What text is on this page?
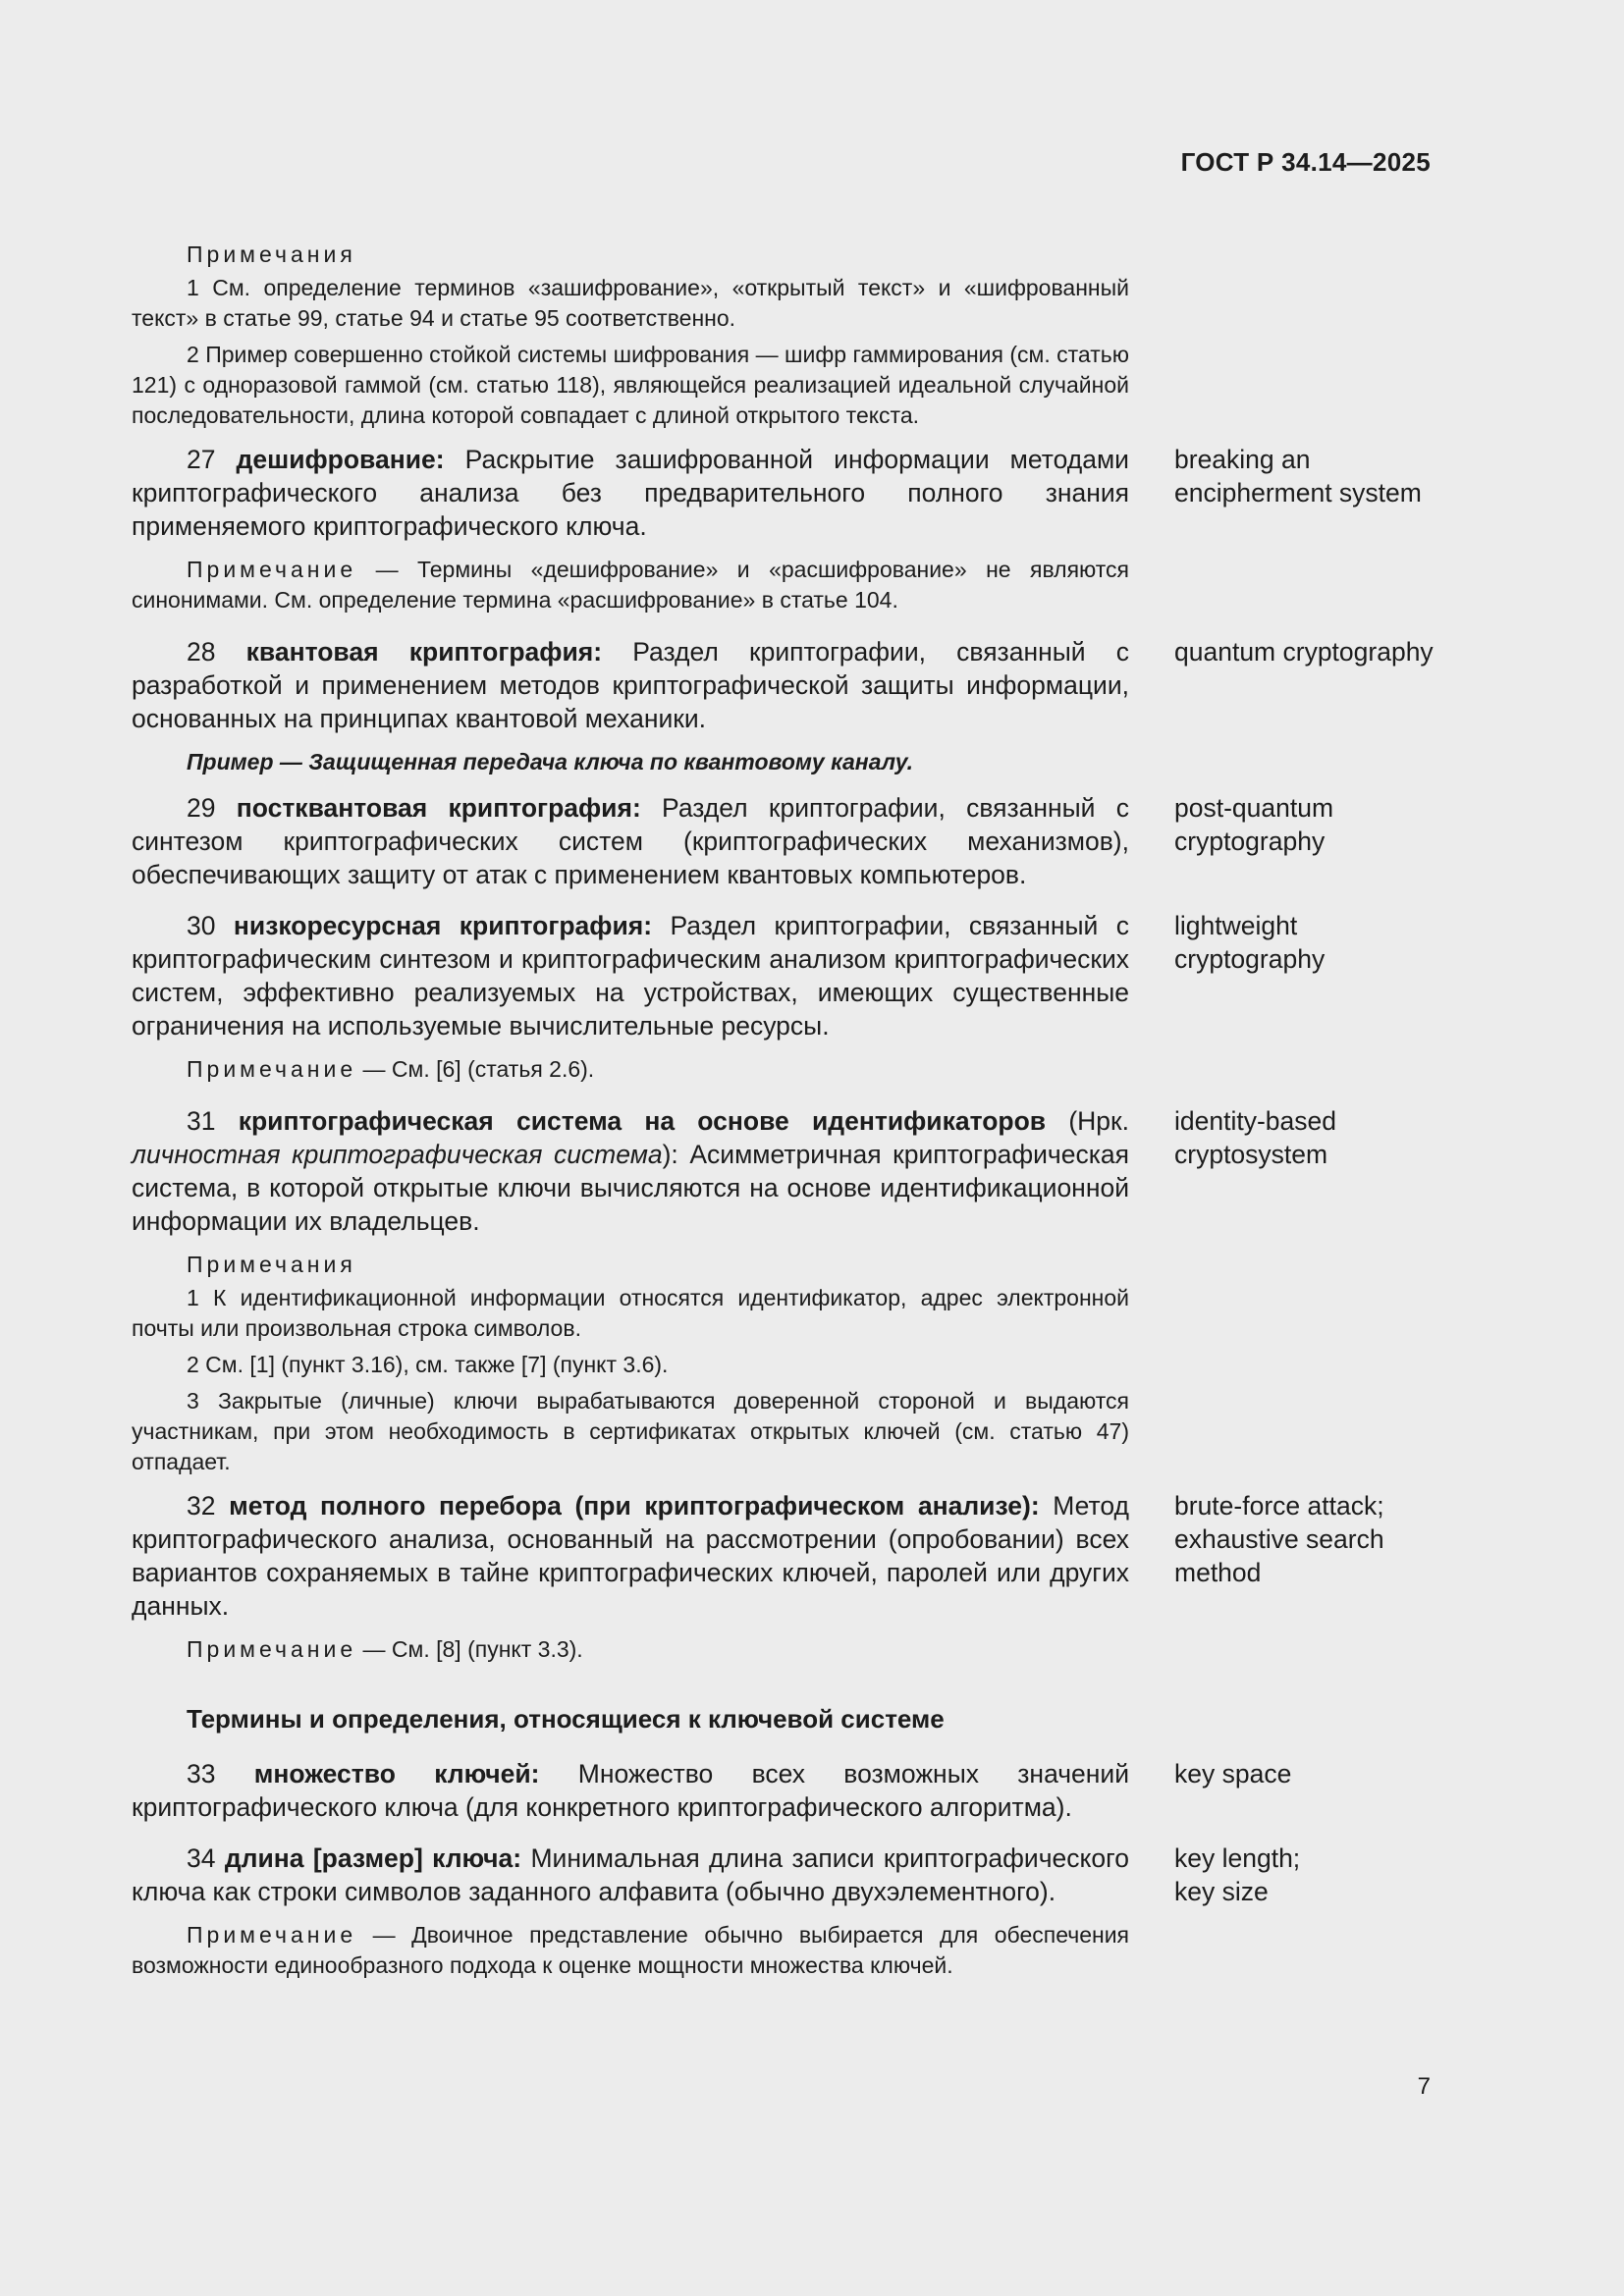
ГОСТ Р 34.14—2025
Примечания
1 См. определение терминов «зашифрование», «открытый текст» и «шифрованный текст» в статье 99, статье 94 и статье 95 соответственно.
2 Пример совершенно стойкой системы шифрования — шифр гаммирования (см. статью 121) с одноразовой гаммой (см. статью 118), являющейся реализацией идеальной случайной последовательности, длина которой совпадает с длиной открытого текста.
27 дешифрование: Раскрытие зашифрованной информации методами криптографического анализа без предварительного полного знания применяемого криптографического ключа.
breaking an encipherment system
Примечание — Термины «дешифрование» и «расшифрование» не являются синонимами. См. определение термина «расшифрование» в статье 104.
28 квантовая криптография: Раздел криптографии, связанный с разработкой и применением методов криптографической защиты информации, основанных на принципах квантовой механики.
quantum cryptography
Пример — Защищенная передача ключа по квантовому каналу.
29 постквантовая криптография: Раздел криптографии, связанный с синтезом криптографических систем (криптографических механизмов), обеспечивающих защиту от атак с применением квантовых компьютеров.
post-quantum cryptography
30 низкоресурсная криптография: Раздел криптографии, связанный с криптографическим синтезом и криптографическим анализом криптографических систем, эффективно реализуемых на устройствах, имеющих существенные ограничения на используемые вычислительные ресурсы.
lightweight cryptography
Примечание — См. [6] (статья 2.6).
31 криптографическая система на основе идентификаторов (Нрк. личностная криптографическая система): Асимметричная криптографическая система, в которой открытые ключи вычисляются на основе идентификационной информации их владельцев.
identity-based cryptosystem
Примечания
1 К идентификационной информации относятся идентификатор, адрес электронной почты или произвольная строка символов.
2 См. [1] (пункт 3.16), см. также [7] (пункт 3.6).
3 Закрытые (личные) ключи вырабатываются доверенной стороной и выдаются участникам, при этом необходимость в сертификатах открытых ключей (см. статью 47) отпадает.
32 метод полного перебора (при криптографическом анализе): Метод криптографического анализа, основанный на рассмотрении (опробовании) всех вариантов сохраняемых в тайне криптографических ключей, паролей или других данных.
brute-force attack; exhaustive search method
Примечание — См. [8] (пункт 3.3).
Термины и определения, относящиеся к ключевой системе
33 множество ключей: Множество всех возможных значений криптографического ключа (для конкретного криптографического алгоритма).
key space
34 длина [размер] ключа: Минимальная длина записи криптографического ключа как строки символов заданного алфавита (обычно двухэлементного).
key length;
key size
Примечание — Двоичное представление обычно выбирается для обеспечения возможности единообразного подхода к оценке мощности множества ключей.
7
